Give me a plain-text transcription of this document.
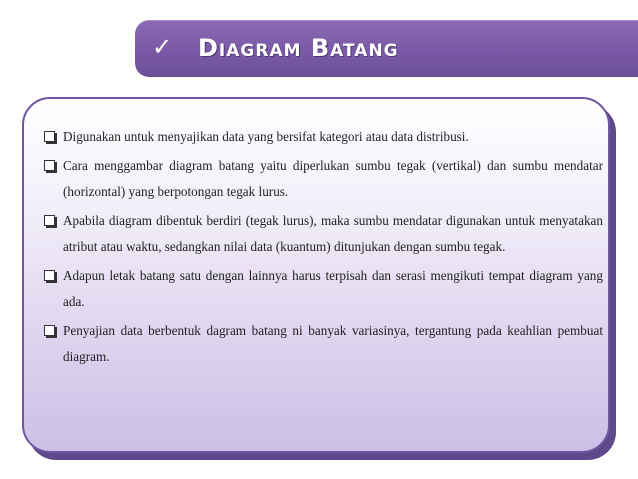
✓ Diagram Batang
Digunakan untuk menyajikan data yang bersifat kategori atau data distribusi.
Cara menggambar diagram batang yaitu diperlukan sumbu tegak (vertikal) dan sumbu mendatar (horizontal) yang berpotongan tegak lurus.
Apabila diagram dibentuk berdiri (tegak lurus), maka sumbu mendatar digunakan untuk menyatakan atribut atau waktu, sedangkan nilai data (kuantum) ditunjukan dengan sumbu tegak.
Adapun letak batang satu dengan lainnya harus terpisah dan serasi mengikuti tempat diagram yang ada.
Penyajian data berbentuk dagram batang ni banyak variasinya, tergantung pada keahlian pembuat diagram.
